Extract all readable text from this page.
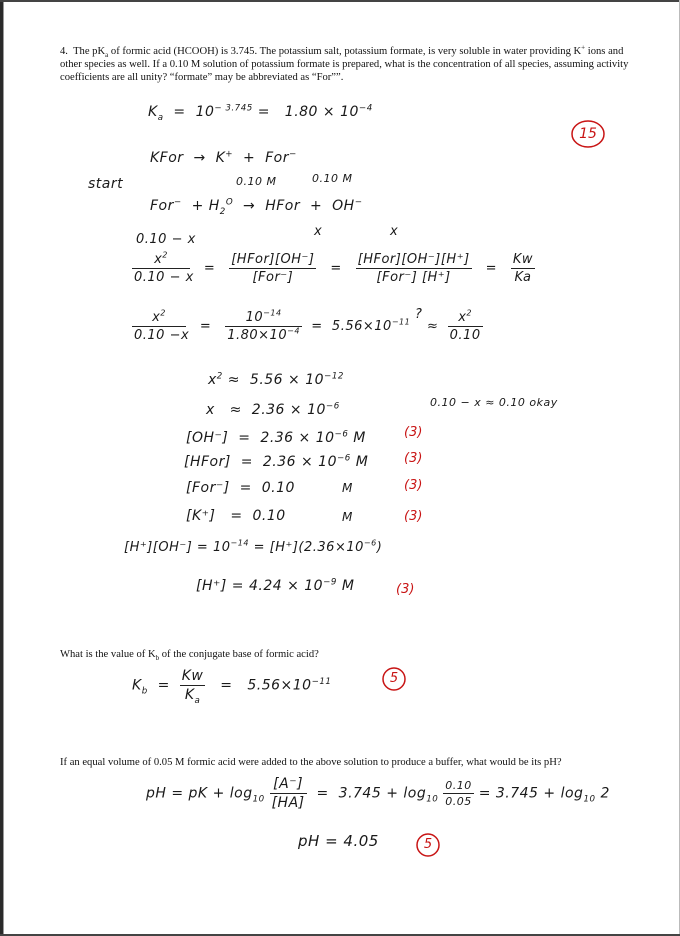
4. The $pK_a$ of formic acid (HCOOH) is 3.745. The potassium salt, potassium formate, is very soluble in water providing K+ ions and other species as well. If a 0.10 M solution of potassium formate is prepared, what is the concentration of all species, assuming activity coefficients are all unity? “formate” may be abbreviated as “For””.

$K_a = 10^{- 3.745} = 1.80 \times 10^{-4}$
15
KFor → K+ + For−
start	0.10 M	0.10 M
$For^- + H_2^O$ → HFor + OH−
0.10 − x
x	x
$\frac{x^2}{0.10 - x} = \frac{\text{[HFor][OH⁻]}}{\text{[For⁻]}} = \frac{\text{[HFor][OH⁻][H⁺]}}{\text{[For⁻] [H⁺]}} = \frac{Kw}{Ka}$
$\frac{x^2}{0.10 -x} = \frac{10^{-14}}{1.80\times 10^{-4}} = 5.56\times 10^{-11}$ ? ≈ $\frac{x^2}{0.10}$
$x^2 \approx 5.56 \times 10^{-12}$
$x \approx 2.36 \times 10^{-6}$	0.10 − x ≈ 0.10 okay
$[OH^-] = 2.36 \times 10^{-6}$ M	(3)
[HFor] = $2.36 \times 10^{-6}$ M	(3)
[For⁻] = 0.10	M	(3)
[K⁺] = 0.10	M	(3)
$[H^+][OH^-] = 10^{-14} = [H^+](2.36\times 10^{-6})$
$[H^+] = 4.24 \times 10^{-9}$ M	(3)
What is the value of $K_b$ of the conjugate base of formic acid?
$K_b = \frac{Kw}{K_a} = 5.56\times 10^{-11}$	5
If an equal volume of 0.05 M formic acid were added to the above solution to produce a buffer, what would be its pH?
pH = pK + $\log_{10} \frac{[A^-]}{[HA]} = 3.745 + \log_{10} \frac{0.10}{0.05} = 3.745 + \log_{10} 2$
pH = 4.05	5
